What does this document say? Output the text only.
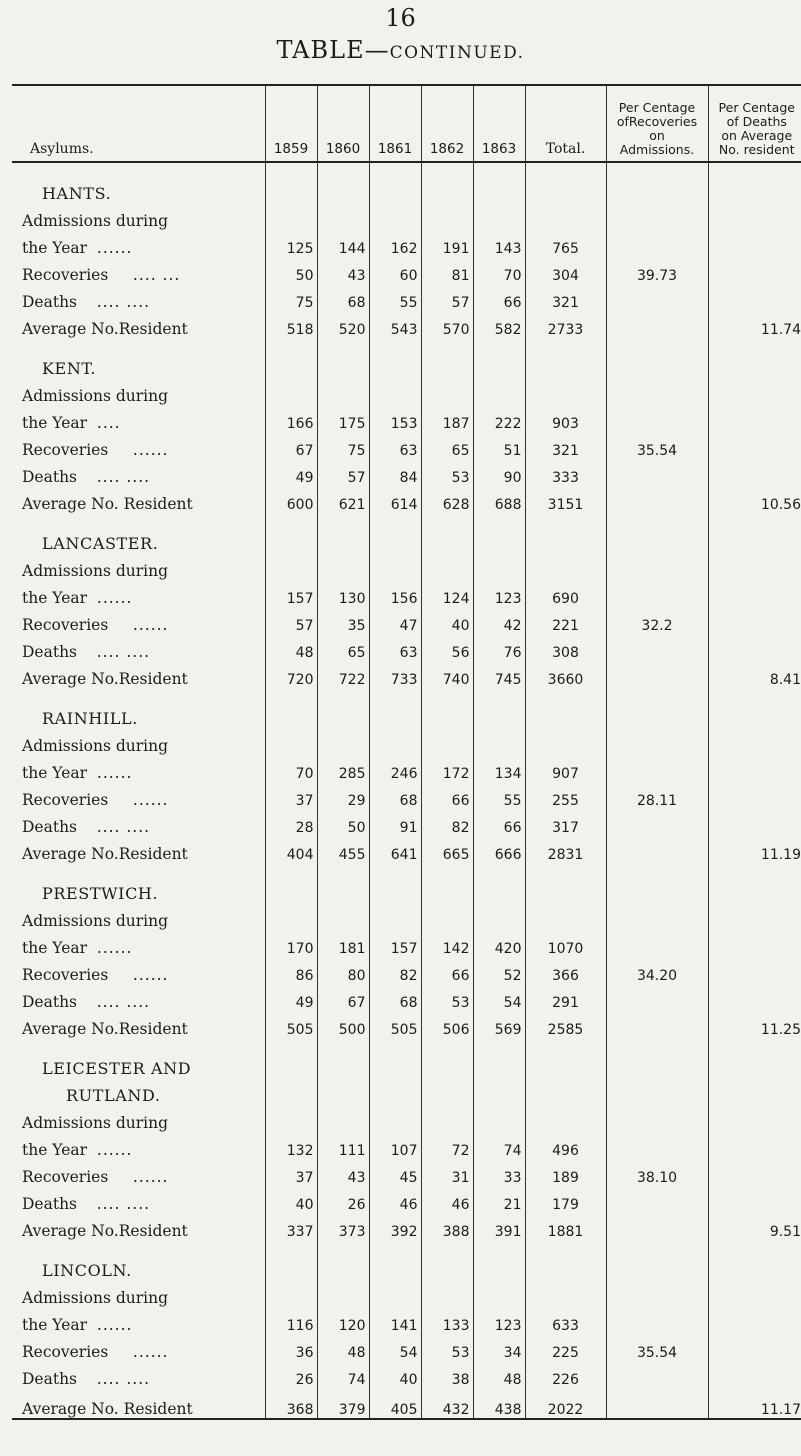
16
TABLE—CONTINUED.
Asylums.	1859	1860	1861	1862	1863	Total.	Per Centage
ofRecoveries
on
Admissions.	Per Centage
of Deaths
on Average
No. resident
HANTS.								
Admissions during								
the Year ......	125	144	162	191	143	765		
Recoveries .... ...	50	43	60	81	70	304	39.73	
Deaths .... ....	75	68	55	57	66	321		
Average No.Resident	518	520	543	570	582	2733		11.74
KENT.								
Admissions during								
the Year ....	166	175	153	187	222	903		
Recoveries ......	67	75	63	65	51	321	35.54	
Deaths .... ....	49	57	84	53	90	333		
Average No. Resident	600	621	614	628	688	3151		10.56
LANCASTER.								
Admissions during								
the Year ......	157	130	156	124	123	690		
Recoveries ......	57	35	47	40	42	221	32.2	
Deaths .... ....	48	65	63	56	76	308		
Average No.Resident	720	722	733	740	745	3660		8.41
RAINHILL.								
Admissions during								
the Year ......	70	285	246	172	134	907		
Recoveries ......	37	29	68	66	55	255	28.11	
Deaths .... ....	28	50	91	82	66	317		
Average No.Resident	404	455	641	665	666	2831		11.19
PRESTWICH.								
Admissions during								
the Year ......	170	181	157	142	420	1070		
Recoveries ......	86	80	82	66	52	366	34.20	
Deaths .... ....	49	67	68	53	54	291		
Average No.Resident	505	500	505	506	569	2585		11.25
LEICESTER AND								
RUTLAND.								
Admissions during								
the Year ......	132	111	107	72	74	496		
Recoveries ......	37	43	45	31	33	189	38.10	
Deaths .... ....	40	26	46	46	21	179		
Average No.Resident	337	373	392	388	391	1881		9.51
LINCOLN.								
Admissions during								
the Year ......	116	120	141	133	123	633		
Recoveries ......	36	48	54	53	34	225	35.54	
Deaths .... ....	26	74	40	38	48	226		
Average No. Resident	368	379	405	432	438	2022		11.17
